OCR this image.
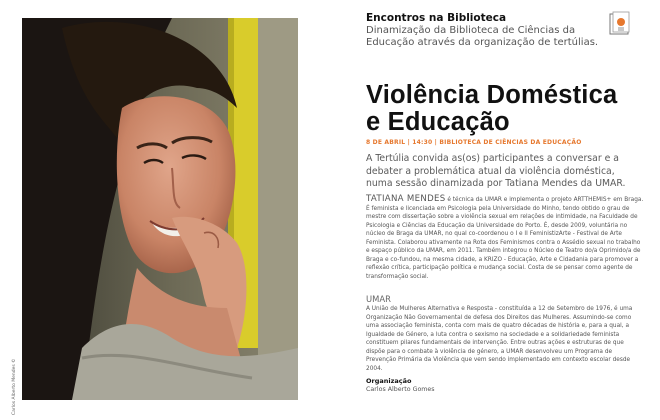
Carlos Alberto Mendes ©
Encontros na Biblioteca
Dinamização da Biblioteca de Ciências da Educação através da organização de tertúlias.
Violência Doméstica
e Educação
8 DE ABRIL | 14:30 | BIBLIOTECA DE CIÊNCIAS DA EDUCAÇÃO
A Tertúlia convida as(os) participantes a conversar e a debater a problemática atual da violência doméstica, numa sessão dinamizada por Tatiana Mendes da UMAR.
TATIANA MENDES é técnica da UMAR e implementa o projeto ARTTHEMIS+ em Braga. É feminista e licenciada em Psicologia pela Universidade do Minho, tendo obtido o grau de mestre com dissertação sobre a violência sexual em relações de intimidade, na Faculdade de Psicologia e Ciências da Educação da Universidade do Porto. É, desde 2009, voluntária no núcleo de Braga da UMAR, no qual co-coordenou o I e II FeministizArte - Festival de Arte Feminista. Colaborou ativamente na Rota dos Feminismos contra o Assédio sexual no trabalho e espaço público da UMAR, em 2011. Também integrou o Núcleo de Teatro do/a Oprimido/a de Braga e co-fundou, na mesma cidade, a KRIZO - Educação, Arte e Cidadania para promover a reflexão crítica, participação política e mudança social. Costa de se pensar como agente de transformação social.
UMAR
A União de Mulheres Alternativa e Resposta - constituída a 12 de Setembro de 1976, é uma Organização Não Governamental de defesa dos Direitos das Mulheres. Assumindo-se como uma associação feminista, conta com mais de quatro décadas de história e, para a qual, a Igualdade de Género, a luta contra o sexismo na sociedade e a solidariedade feminista constituem pilares fundamentais de intervenção. Entre outras ações e estruturas de que dispõe para o combate à violência de género, a UMAR desenvolveu um Programa de Prevenção Primária da Violência que vem sendo implementado em contexto escolar desde 2004.
Organização
Carlos Alberto Gomes
